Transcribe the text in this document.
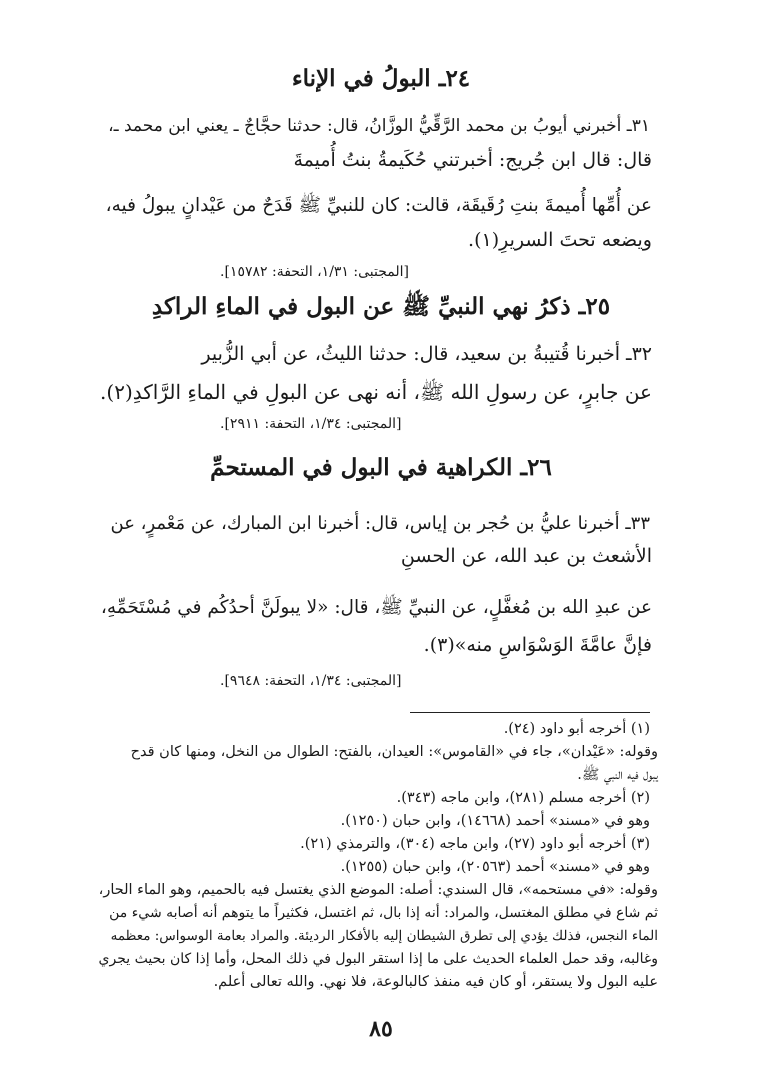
٢٤ـ البولُ في الإناء
٣١ـ أخبرني أيوبُ بن محمد الرَّقِّيُّ الوزَّانُ، قال: حدثنا حجَّاجٌ ـ يعني ابن محمد ـ،
قال: قال ابن جُريج: أخبرتني حُكَيمةُ بنتُ أُميمةَ
عن أُمِّها أُميمةَ بنتِ رُقَيقَة، قالت: كان للنبيِّ ﷺ قَدَحٌ من عَيْدانٍ يبولُ فيه،
ويضعه تحتَ السريرِ(١).
[المجتبى: ١/٣١، التحفة: ١٥٧٨٢].
٢٥ـ ذكرُ نهي النبيِّ ﷺ عن البول في الماءِ الراكدِ
٣٢ـ أخبرنا قُتيبةُ بن سعيد، قال: حدثنا الليثُ، عن أبي الزُّبير
عن جابرٍ، عن رسولِ الله ﷺ، أنه نهى عن البولِ في الماءِ الرَّاكدِ(٢).
[المجتبى: ١/٣٤، التحفة: ٢٩١١].
٢٦ـ الكراهية في البول في المستحمِّ
٣٣ـ أخبرنا عليُّ بن حُجر بن إياس، قال: أخبرنا ابن المبارك، عن مَعْمرٍ، عن
الأشعث بن عبد الله، عن الحسنِ
عن عبدِ الله بن مُغفَّلٍ، عن النبيِّ ﷺ، قال: «لا يبولَنَّ أحدُكُم في مُسْتَحَمِّهِ،
فإنَّ عامَّةَ الوَسْوَاسِ منه»(٣).
[المجتبى: ١/٣٤، التحفة: ٩٦٤٨].
(١) أخرجه أبو داود (٢٤).
وقوله: «عَيْدان»، جاء في «القاموس»: العيدان، بالفتح: الطوال من النخل، ومنها كان قدح
يبول فيه النبي ﷺ.
(٢) أخرجه مسلم (٢٨١)، وابن ماجه (٣٤٣).
وهو في «مسند» أحمد (١٤٦٦٨)، وابن حبان (١٢٥٠).
(٣) أخرجه أبو داود (٢٧)، وابن ماجه (٣٠٤)، والترمذي (٢١).
وهو في «مسند» أحمد (٢٠٥٦٣)، وابن حبان (١٢٥٥).
وقوله: «في مستحمه»، قال السندي: أصله: الموضع الذي يغتسل فيه بالحميم، وهو الماء الحار،
ثم شاع في مطلق المغتسل، والمراد: أنه إذا بال، ثم اغتسل، فكثيراً ما يتوهم أنه أصابه شيء من
الماء النجس، فذلك يؤدي إلى تطرق الشيطان إليه بالأفكار الرديئة. والمراد بعامة الوسواس: معظمه
وغالبه، وقد حمل العلماء الحديث على ما إذا استقر البول في ذلك المحل، وأما إذا كان بحيث يجري
عليه البول ولا يستقر، أو كان فيه منفذ كالبالوعة، فلا نهي. والله تعالى أعلم.
٨٥
